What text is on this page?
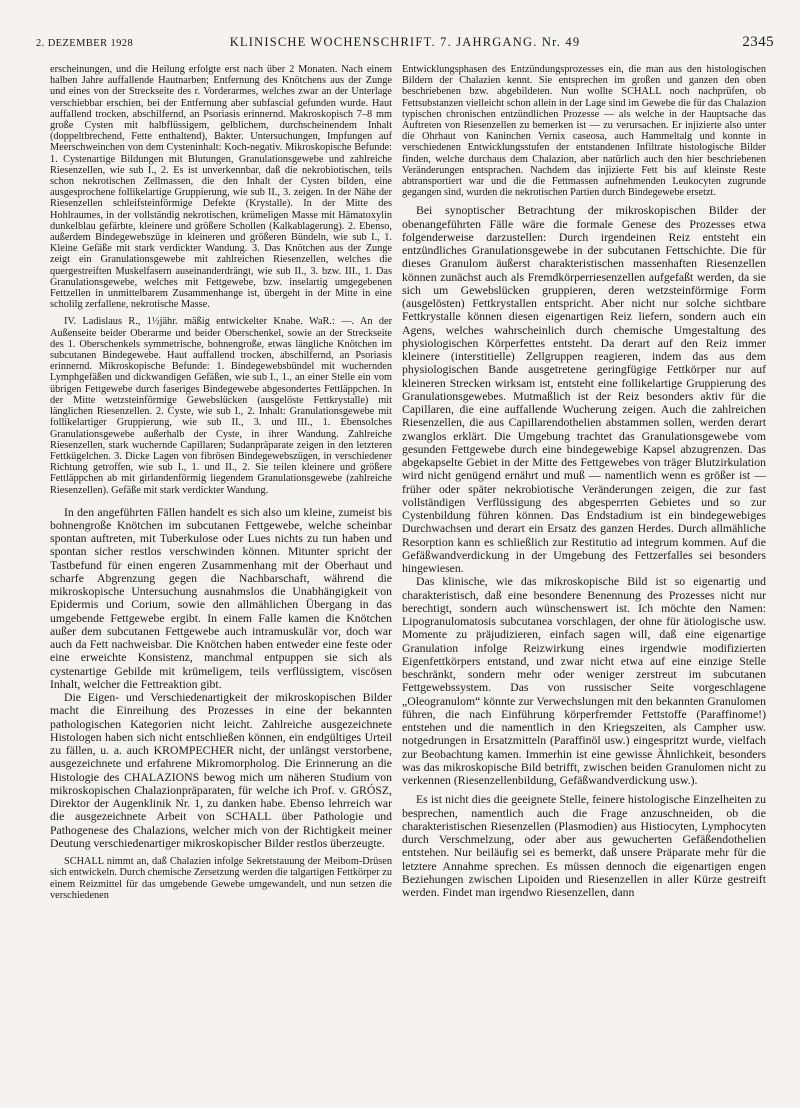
2. DEZEMBER 1928	KLINISCHE WOCHENSCHRIFT. 7. JAHRGANG. Nr. 49	2345

erscheinungen, und die Heilung erfolgte erst nach über 2 Monaten. Nach einem halben Jahre auffallende Hautnarben; Entfernung des Knötchens aus der Zunge und eines von der Streckseite des r. Vorderarmes, welches zwar an der Unterlage verschiebbar erschien, bei der Entfernung aber subfascial gefunden wurde. Haut auffallend trocken, abschilfernd, an Psoriasis erinnernd. Makroskopisch 7–8 mm große Cysten mit halbflüssigem, gelblichem, durchscheinendem Inhalt (doppeltbrechend, Fette enthaltend), Bakter. Untersuchungen, Impfungen auf Meerschweinchen von dem Cysteninhalt: Koch-negativ. Mikroskopische Befunde: 1. Cystenartige Bildungen mit Blutungen, Granulationsgewebe und zahlreiche Riesenzellen, wie sub I., 2. Es ist unverkennbar, daß die nekrobiotischen, teils schon nekrotischen Zellmassen, die den Inhalt der Cysten bilden, eine ausgesprochene follikelartige Gruppierung, wie sub II., 3. zeigen. In der Nähe der Riesenzellen schleifsteinförmige Defekte (Krystalle). In der Mitte des Hohlraumes, in der vollständig nekrotischen, krümeligen Masse mit Hämatoxylin dunkelblau gefärbte, kleinere und größere Schollen (Kalkablagerung). 2. Ebenso, außerdem Bindegewebszüge in kleineren und größeren Bündeln, wie sub I., 1. Kleine Gefäße mit stark verdickter Wandung. 3. Das Knötchen aus der Zunge zeigt ein Granulationsgewebe mit zahlreichen Riesenzellen, welches die quergestreiften Muskelfasern auseinanderdrängt, wie sub II., 3. bzw. III., 1. Das Granulationsgewebe, welches mit Fettgewebe, bzw. inselartig umgegebenen Fettzellen in unmittelbarem Zusammenhange ist, übergeht in der Mitte in eine scholilg zerfallene, nekrotische Masse.

IV. Ladislaus R., 1½jähr. mäßig entwickelter Knabe. WaR.: —. An der Außenseite beider Oberarme und beider Oberschenkel, sowie an der Streckseite des 1. Oberschenkels symmetrische, bohnengroße, etwas längliche Knötchen im subcutanen Bindegewebe. Haut auffallend trocken, abschilfernd, an Psoriasis erinnernd. Mikroskopische Befunde: 1. Bindegewebsbündel mit wuchernden Lymphgefäßen und dickwandigen Gefäßen, wie sub I., 1., an einer Stelle ein vom übrigen Fettgewebe durch faseriges Bindegewebe abgesondertes Fettläppchen. In der Mitte wetzsteinförmige Gewebslücken (ausgelöste Fettkrystalle) mit länglichen Riesenzellen. 2. Cyste, wie sub I., 2. Inhalt: Granulationsgewebe mit follikelartiger Gruppierung, wie sub II., 3. und III., 1. Ebensolches Granulationsgewebe außerhalb der Cyste, in ihrer Wandung. Zahlreiche Riesenzellen, stark wuchernde Capillaren; Sudanpräparate zeigen in den letzteren Fettkügelchen. 3. Dicke Lagen von fibrösen Bindegewebszügen, in verschiedener Richtung getroffen, wie sub I., 1. und II., 2. Sie teilen kleinere und größere Fettläppchen ab mit girlandenförmig liegendem Granulationsgewebe (zahlreiche Riesenzellen). Gefäße mit stark verdickter Wandung.

In den angeführten Fällen handelt es sich also um kleine, zumeist bis bohnengroße Knötchen im subcutanen Fettgewebe, welche scheinbar spontan auftreten, mit Tuberkulose oder Lues nichts zu tun haben und spontan sicher restlos verschwinden können. Mitunter spricht der Tastbefund für einen engeren Zusammenhang mit der Oberhaut und scharfe Abgrenzung gegen die Nachbarschaft, während die mikroskopische Untersuchung ausnahmslos die Unabhängigkeit von Epidermis und Corium, sowie den allmählichen Übergang in das umgebende Fettgewebe ergibt. In einem Falle kamen die Knötchen außer dem subcutanen Fettgewebe auch intramuskulär vor, doch war auch da Fett nachweisbar. Die Knötchen haben entweder eine feste oder eine erweichte Konsistenz, manchmal entpuppen sie sich als cystenartige Gebilde mit krümeligem, teils verflüssigtem, viscösen Inhalt, welcher die Fettreaktion gibt.

Die Eigen- und Verschiedenartigkeit der mikroskopischen Bilder macht die Einreihung des Prozesses in eine der bekannten pathologischen Kategorien nicht leicht. Zahlreiche ausgezeichnete Histologen haben sich nicht entschließen können, ein endgültiges Urteil zu fällen, u. a. auch KROMPECHER nicht, der unlängst verstorbene, ausgezeichnete und erfahrene Mikromorpholog. Die Erinnerung an die Histologie des CHALAZIONS bewog mich um näheren Studium von mikroskopischen Chalazionpräparaten, für welche ich Prof. v. GRÓSZ, Direktor der Augenklinik Nr. 1, zu danken habe. Ebenso lehrreich war die ausgezeichnete Arbeit von SCHALL über Pathologie und Pathogenese des Chalazions, welcher mich von der Richtigkeit meiner Deutung verschiedenartiger mikroskopischer Bilder restlos überzeugte.

SCHALL nimmt an, daß Chalazien infolge Sekretstauung der Meibom-Drüsen sich entwickeln. Durch chemische Zersetzung werden die talgartigen Fettkörper zu einem Reizmittel für das umgebende Gewebe umgewandelt, und nun setzen die verschiedenen

Entwicklungsphasen des Entzündungsprozesses ein, die man aus den histologischen Bildern der Chalazien kennt. Sie entsprechen im großen und ganzen den oben beschriebenen bzw. abgebildeten. Nun wollte SCHALL noch nachprüfen, ob Fettsubstanzen vielleicht schon allein in der Lage sind im Gewebe die für das Chalazion typischen chronischen entzündlichen Prozesse — als welche in der Hauptsache das Auftreten von Riesenzellen zu bemerken ist — zu verursachen. Er injizierte also unter die Ohrhaut von Kaninchen Vernix caseosa, auch Hammeltalg und konnte in verschiedenen Entwicklungsstufen der entstandenen Infiltrate histologische Bilder finden, welche durchaus dem Chalazion, aber natürlich auch den hier beschriebenen Veränderungen entsprachen. Nachdem das injizierte Fett bis auf kleinste Reste abtransportiert war und die die Fettmassen aufnehmenden Leukocyten zugrunde gegangen sind, wurden die nekrotischen Partien durch Bindegewebe ersetzt.

Bei synoptischer Betrachtung der mikroskopischen Bilder der obenangeführten Fälle wäre die formale Genese des Prozesses etwa folgenderweise darzustellen: Durch irgendeinen Reiz entsteht ein entzündliches Granulationsgewebe in der subcutanen Fettschichte. Die für dieses Granulom äußerst charakteristischen massenhaften Riesenzellen können zunächst auch als Fremdkörperriesenzellen aufgefaßt werden, da sie sich um Gewebslücken gruppieren, deren wetzsteinförmige Form (ausgelösten) Fettkrystallen entspricht. Aber nicht nur solche sichtbare Fettkrystalle können diesen eigenartigen Reiz liefern, sondern auch ein Agens, welches wahrscheinlich durch chemische Umgestaltung des physiologischen Körperfettes entsteht. Da derart auf den Reiz immer kleinere (interstitielle) Zellgruppen reagieren, indem das aus dem physiologischen Bande ausgetretene geringfügige Fettkörper nur auf kleineren Strecken wirksam ist, entsteht eine follikelartige Gruppierung des Granulationsgewebes. Mutmaßlich ist der Reiz besonders aktiv für die Capillaren, die eine auffallende Wucherung zeigen. Auch die zahlreichen Riesenzellen, die aus Capillarendothelien abstammen sollen, werden derart zwanglos erklärt. Die Umgebung trachtet das Granulationsgewebe vom gesunden Fettgewebe durch eine bindegewebige Kapsel abzugrenzen. Das abgekapselte Gebiet in der Mitte des Fettgewebes von träger Blutzirkulation wird nicht genügend ernährt und muß — namentlich wenn es größer ist — früher oder später nekrobiotische Veränderungen zeigen, die zur fast vollständigen Verflüssigung des abgesperrten Gebietes und so zur Cystenbildung führen können. Das Endstadium ist ein bindegewebiges Durchwachsen und derart ein Ersatz des ganzen Herdes. Durch allmähliche Resorption kann es schließlich zur Restitutio ad integrum kommen. Auf die Gefäßwandverdickung in der Umgebung des Fettzerfalles sei besonders hingewiesen.

Das klinische, wie das mikroskopische Bild ist so eigenartig und charakteristisch, daß eine besondere Benennung des Prozesses nicht nur berechtigt, sondern auch wünschenswert ist. Ich möchte den Namen: Lipogranulomatosis subcutanea vorschlagen, der ohne für ätiologische usw. Momente zu präjudizieren, einfach sagen will, daß eine eigenartige Granulation infolge Reizwirkung eines irgendwie modifizierten Eigenfettkörpers entstand, und zwar nicht etwa auf eine einzige Stelle beschränkt, sondern mehr oder weniger zerstreut im subcutanen Fettgewebssystem. Das von russischer Seite vorgeschlagene „Oleogranulom“ könnte zur Verwechslungen mit den bekannten Granulomen führen, die nach Einführung körperfremder Fettstoffe (Paraffinome!) entstehen und die namentlich in den Kriegszeiten, als Campher usw. notgedrungen in Ersatzmitteln (Paraffinöl usw.) eingespritzt wurde, vielfach zur Beobachtung kamen. Immerhin ist eine gewisse Ähnlichkeit, besonders was das mikroskopische Bild betrifft, zwischen beiden Granulomen nicht zu verkennen (Riesenzellenbildung, Gefäßwandverdickung usw.).

Es ist nicht dies die geeignete Stelle, feinere histologische Einzelheiten zu besprechen, namentlich auch die Frage anzuschneiden, ob die charakteristischen Riesenzellen (Plasmodien) aus Histiocyten, Lymphocyten durch Verschmelzung, oder aber aus gewucherten Gefäßendothelien entstehen. Nur beiläufig sei es bemerkt, daß unsere Präparate mehr für die letztere Annahme sprechen. Es müssen dennoch die eigenartigen engen Beziehungen zwischen Lipoiden und Riesenzellen in aller Kürze gestreift werden. Findet man irgendwo Riesenzellen, dann
